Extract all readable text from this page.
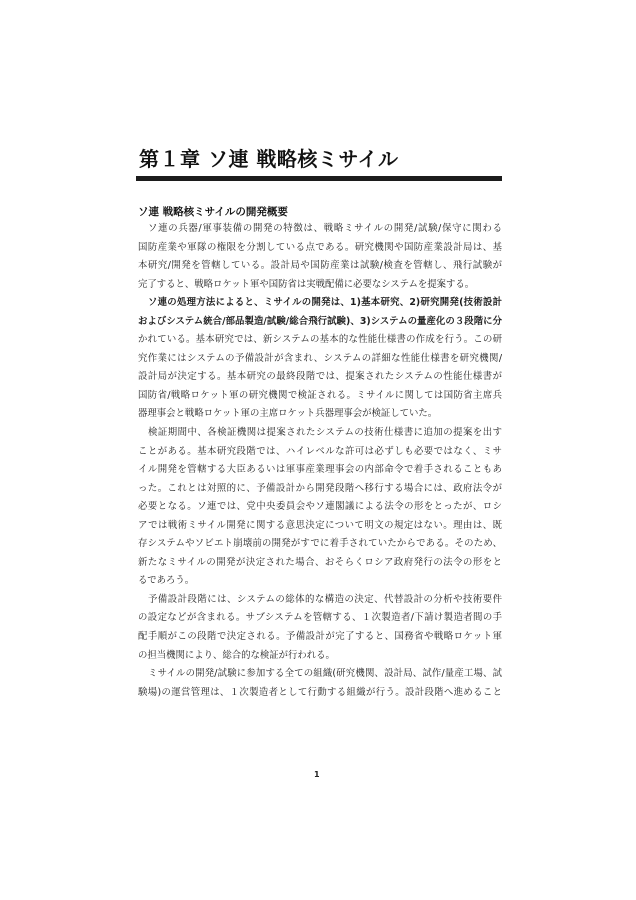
第１章 ソ連 戦略核ミサイル
ソ連 戦略核ミサイルの開発概要
ソ連の兵器/軍事装備の開発の特徴は、戦略ミサイルの開発/試験/保守に関わる
国防産業や軍隊の権限を分割している点である。研究機関や国防産業設計局は、基
本研究/開発を管轄している。設計局や国防産業は試験/検査を管轄し、飛行試験が
完了すると、戦略ロケット軍や国防省は実戦配備に必要なシステムを提案する。
ソ連の処理方法によると、ミサイルの開発は、1)基本研究、2)研究開発(技術設計
およびシステム統合/部品製造/試験/総合飛行試験)、3)システムの量産化の３段階に分
かれている。基本研究では、新システムの基本的な性能仕様書の作成を行う。この研
究作業にはシステムの予備設計が含まれ、システムの詳細な性能仕様書を研究機関/
設計局が決定する。基本研究の最終段階では、提案されたシステムの性能仕様書が
国防省/戦略ロケット軍の研究機関で検証される。ミサイルに関しては国防省主席兵
器理事会と戦略ロケット軍の主席ロケット兵器理事会が検証していた。
検証期間中、各検証機関は提案されたシステムの技術仕様書に追加の提案を出す
ことがある。基本研究段階では、ハイレベルな許可は必ずしも必要ではなく、ミサ
イル開発を管轄する大臣あるいは軍事産業理事会の内部命令で着手されることもあ
った。これとは対照的に、予備設計から開発段階へ移行する場合には、政府法令が
必要となる。ソ連では、党中央委員会やソ連閣議による法令の形をとったが、ロシ
アでは戦術ミサイル開発に関する意思決定について明文の規定はない。理由は、既
存システムやソビエト崩壊前の開発がすでに着手されていたからである。そのため、
新たなミサイルの開発が決定された場合、おそらくロシア政府発行の法令の形をと
るであろう。
予備設計段階には、システムの総体的な構造の決定、代替設計の分析や技術要件
の設定などが含まれる。サブシステムを管轄する、１次製造者/下請け製造者間の手
配手順がこの段階で決定される。予備設計が完了すると、国務省や戦略ロケット軍
の担当機関により、総合的な検証が行われる。
ミサイルの開発/試験に参加する全ての組織(研究機関、設計局、試作/量産工場、試
験場)の運営管理は、１次製造者として行動する組織が行う。設計段階へ進めること
1
